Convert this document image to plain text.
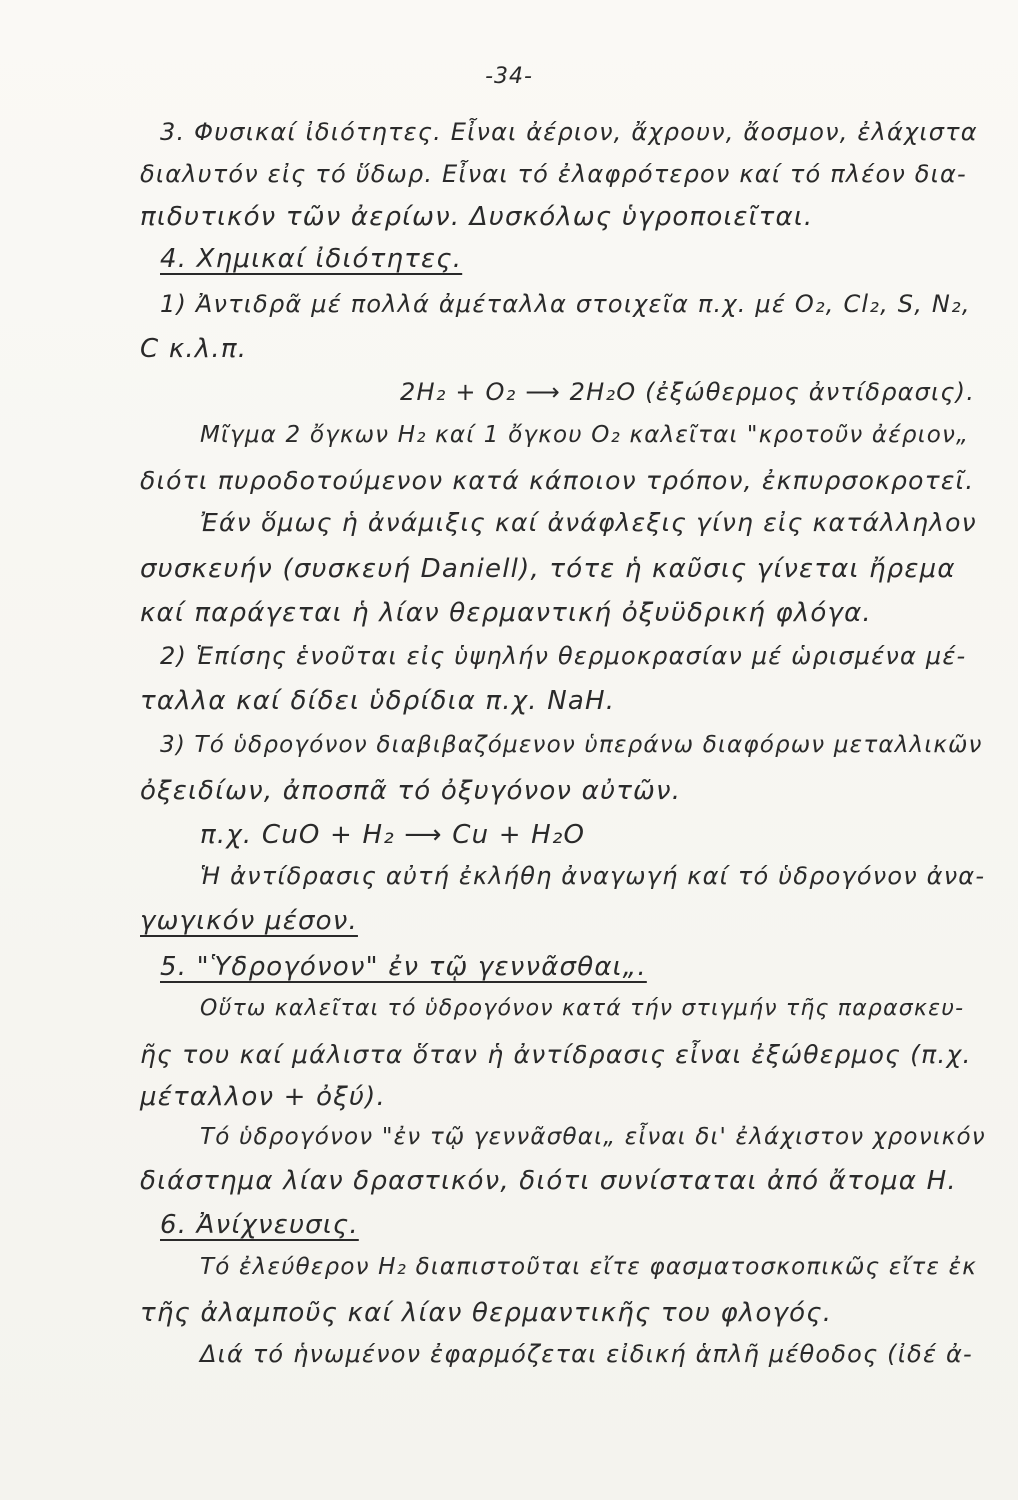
-34-
3. Φυσικαί ἰδιότητες. Εἶναι ἀέριον, ἄχρουν, ἄοσμον, ἐλάχιστα
διαλυτόν εἰς τό ὕδωρ. Εἶναι τό ἐλαφρότερον καί τό πλέον δια-
πιδυτικόν τῶν ἀερίων. Δυσκόλως ὑγροποιεῖται.
4. Χημικαί ἰδιότητες.
1) Ἀντιδρᾶ μέ πολλά ἀμέταλλα στοιχεῖα π.χ. μέ O₂, Cl₂, S, N₂,
C κ.λ.π.
2H₂ + O₂ ⟶ 2H₂O (ἐξώθερμος ἀντίδρασις).
Μῖγμα 2 ὄγκων H₂ καί 1 ὄγκου O₂ καλεῖται "κροτοῦν ἀέριον„
διότι πυροδοτούμενον κατά κάποιον τρόπον, ἐκπυρσοκροτεῖ.
Ἐάν ὅμως ἡ ἀνάμιξις καί ἀνάφλεξις γίνη εἰς κατάλληλον
συσκευήν (συσκευή Daniell), τότε ἡ καῦσις γίνεται ἤρεμα
καί παράγεται ἡ λίαν θερμαντική ὀξυϋδρική φλόγα.
2) Ἑπίσης ἑνοῦται εἰς ὑψηλήν θερμοκρασίαν μέ ὡρισμένα μέ-
ταλλα καί δίδει ὑδρίδια π.χ. NaH.
3) Τό ὑδρογόνον διαβιβαζόμενον ὑπεράνω διαφόρων μεταλλικῶν
ὀξειδίων, ἀποσπᾶ τό ὀξυγόνον αὐτῶν.
π.χ. CuO + H₂ ⟶ Cu + H₂O
Ἡ ἀντίδρασις αὐτή ἐκλήθη ἀναγωγή καί τό ὑδρογόνον ἀνα-
γωγικόν μέσον.
5. "Ὑδρογόνον" ἐν τῷ γεννᾶσθαι„.
Οὕτω καλεῖται τό ὑδρογόνον κατά τήν στιγμήν τῆς παρασκευ-
ῆς του καί μάλιστα ὅταν ἡ ἀντίδρασις εἶναι ἐξώθερμος (π.χ.
μέταλλον + ὀξύ).
Τό ὑδρογόνον "ἐν τῷ γεννᾶσθαι„ εἶναι δι' ἐλάχιστον χρονικόν
διάστημα λίαν δραστικόν, διότι συνίσταται ἀπό ἄτομα H.
6. Ἀνίχνευσις.
Τό ἐλεύθερον H₂ διαπιστοῦται εἴτε φασματοσκοπικῶς εἴτε ἐκ
τῆς ἀλαμποῦς καί λίαν θερμαντικῆς του φλογός.
Διά τό ἡνωμένον ἐφαρμόζεται εἰδική ἁπλῆ μέθοδος (ἰδέ ἀ-
